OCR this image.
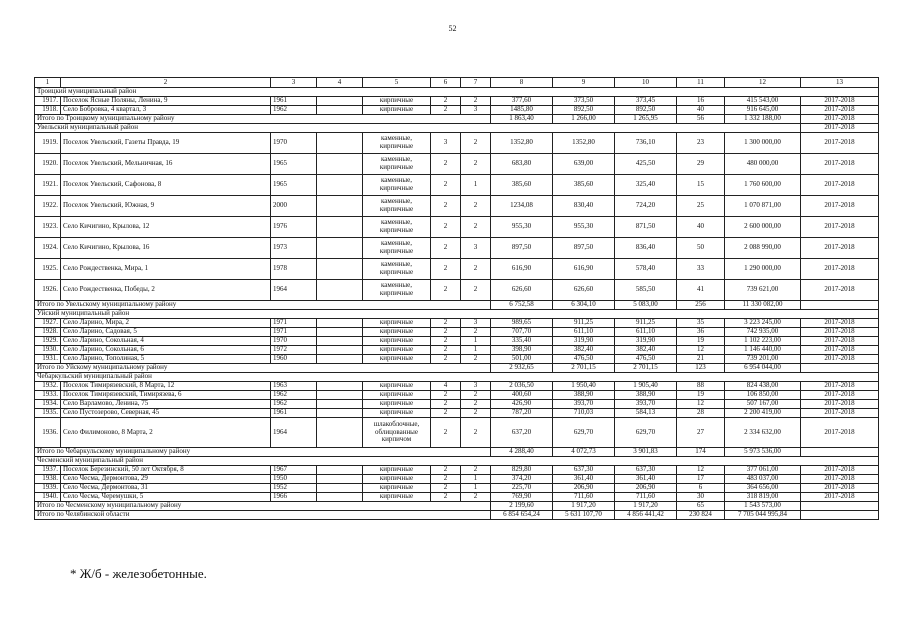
52
1	2	3	4	5	6	7	8	9	10	11	12	13
Троицкий муниципальный район												
1917.	Поселок Ясные Поляны, Ленина, 9	1961		кирпичные	2	2	377,60	373,50	373,45	16	415 543,00	2017-2018
1918.	Село Бобровка, 4 квартал, 3	1962		кирпичные	2	3	1485,80	892,50	892,50	40	916 645,00	2017-2018
Итого по Троицкому муниципальному району							1 863,40	1 266,00	1 265,95	56	1 332 188,00	2017-2018
Увельский муниципальный район												2017-2018
1919.	Поселок Увельский, Газеты Правда, 19	1970		каменные, кирпичные	3	2	1352,80	1352,80	736,10	23	1 300 000,00	2017-2018
1920.	Поселок Увельский, Мельничная, 16	1965		каменные, кирпичные	2	2	683,80	639,00	425,50	29	480 000,00	2017-2018
1921.	Поселок Увельский, Сафонова, 8	1965		каменные, кирпичные	2	1	385,60	385,60	325,40	15	1 760 600,00	2017-2018
1922.	Поселок Увельский, Южная, 9	2000		каменные, кирпичные	2	2	1234,08	830,40	724,20	25	1 070 871,00	2017-2018
1923.	Село Кичигино, Крылова, 12	1976		каменные, кирпичные	2	2	955,30	955,30	871,50	40	2 600 000,00	2017-2018
1924.	Село Кичигино, Крылова, 16	1973		каменные, кирпичные	2	3	897,50	897,50	836,40	50	2 088 990,00	2017-2018
1925.	Село Рождественка, Мира, 1	1978		каменные, кирпичные	2	2	616,90	616,90	578,40	33	1 290 000,00	2017-2018
1926.	Село Рождественка, Победы, 2	1964		каменные, кирпичные	2	2	626,60	626,60	585,50	41	739 621,00	2017-2018
Итого по Увельскому муниципальному району							6 752,58	6 304,10	5 083,00	256	11 330 082,00	
Уйский муниципальный район												
1927.	Село Ларино, Мира, 2	1971		кирпичные	2	3	989,65	911,25	911,25	35	3 223 245,00	2017-2018
1928.	Село Ларино, Садовая, 5	1971		кирпичные	2	2	707,70	611,10	611,10	36	742 935,00	2017-2018
1929.	Село Ларино, Сокольная, 4	1970		кирпичные	2	1	335,40	319,90	319,90	19	1 102 223,00	2017-2018
1930.	Село Ларино, Сокольная, 6	1972		кирпичные	2	1	398,90	382,40	382,40	12	1 146 440,00	2017-2018
1931.	Село Ларино, Тополиная, 5	1960		кирпичные	2	2	501,00	476,50	476,50	21	739 201,00	2017-2018
Итого по Уйскому муниципальному району							2 932,65	2 701,15	2 701,15	123	6 954 044,00	
Чебаркульский муниципальный район												
1932.	Поселок Тимирязевский, 8 Марта, 12	1963		кирпичные	4	3	2 036,50	1 950,40	1 905,40	88	824 438,00	2017-2018
1933.	Поселок Тимирязевский, Тимирязева, 6	1962		кирпичные	2	2	400,60	388,90	388,90	19	106 850,00	2017-2018
1934.	Село Варламово, Ленина, 75	1962		кирпичные	2	2	426,90	393,70	393,70	12	507 167,00	2017-2018
1935.	Село Пустозерово, Северная, 45	1961		кирпичные	2	2	787,20	710,03	584,13	28	2 200 419,00	2017-2018
1936.	Село Филимоново, 8 Марта, 2	1964		шлакоблочные, облицованные кирпичом	2	2	637,20	629,70	629,70	27	2 334 632,00	2017-2018
Итого по Чебаркульскому муниципальному району							4 288,40	4 072,73	3 901,83	174	5 973 536,00	
Чесменский муниципальный район												
1937.	Поселок Березинский, 50 лет Октября, 8	1967		кирпичные	2	2	829,80	637,30	637,30	12	377 061,00	2017-2018
1938.	Село Чесма, Дермонтова, 29	1950		кирпичные	2	1	374,20	361,40	361,40	17	483 037,00	2017-2018
1939.	Село Чесма, Дермонтова, 31	1952		кирпичные	2	1	225,70	206,90	206,90	6	364 656,00	2017-2018
1940.	Село Чесма, Черемушки, 5	1966		кирпичные	2	2	769,90	711,60	711,60	30	318 819,00	2017-2018
Итого по Чесменскому муниципальному району							2 199,60	1 917,20	1 917,20	65	1 543 573,00	
Итого по Челябинской области							6 854 654,24	5 631 107,70	4 856 441,42	230 824	7 705 044 995,84	
* Ж/б - железобетонные.
